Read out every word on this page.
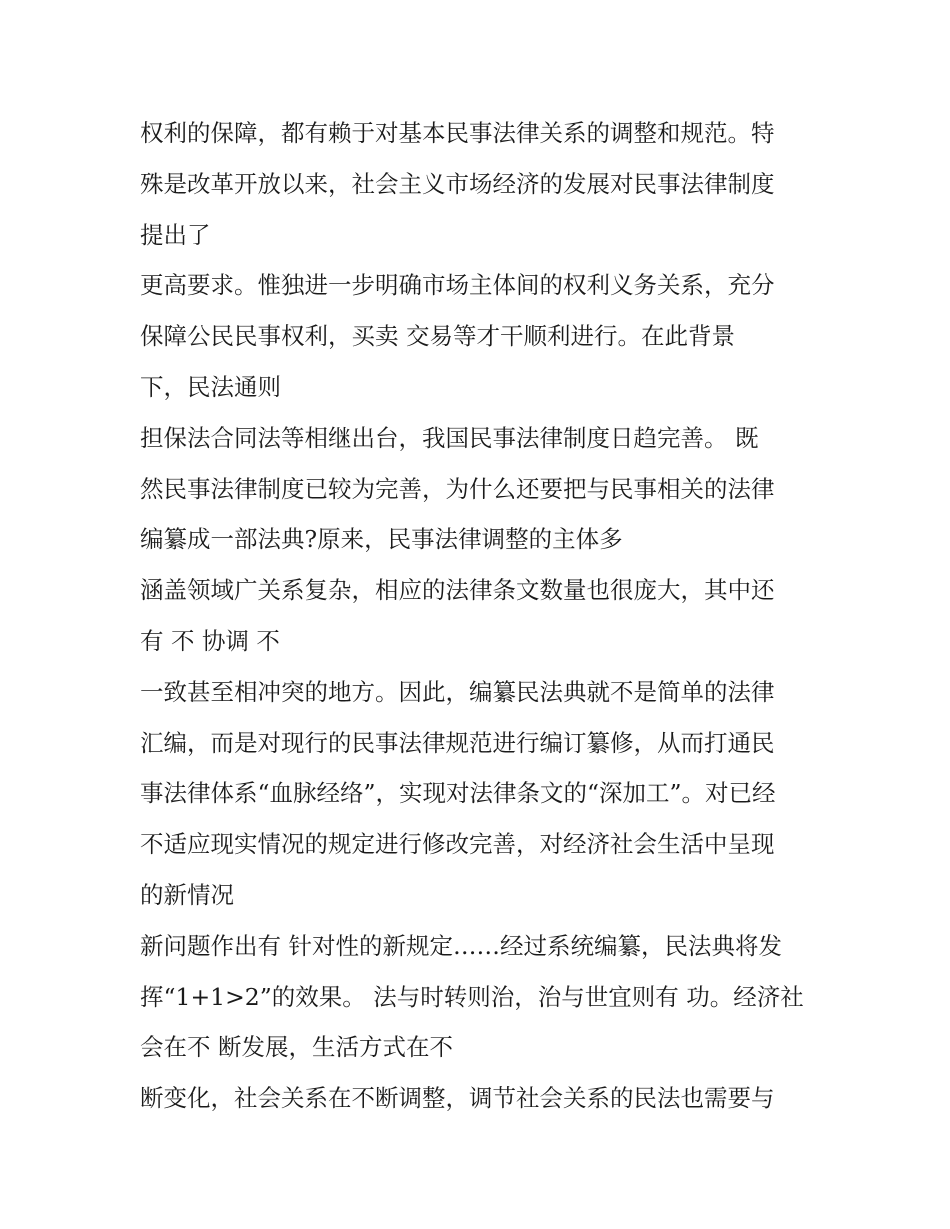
权利的保障，都有赖于对基本民事法律关系的调整和规范。特
殊是改革开放以来，社会主义市场经济的发展对民事法律制度
提出了
更高要求。惟独进一步明确市场主体间的权利义务关系，充分
保障公民民事权利，买卖 交易等才干顺利进行。在此背景
下，民法通则
担保法合同法等相继出台，我国民事法律制度日趋完善。 既
然民事法律制度已较为完善，为什么还要把与民事相关的法律
编纂成一部法典?原来，民事法律调整的主体多
涵盖领域广关系复杂，相应的法律条文数量也很庞大，其中还
有 不 协调 不
一致甚至相冲突的地方。因此，编纂民法典就不是简单的法律
汇编，而是对现行的民事法律规范进行编订纂修，从而打通民
事法律体系“血脉经络”，实现对法律条文的“深加工”。对已经
不适应现实情况的规定进行修改完善，对经济社会生活中呈现
的新情况
新问题作出有 针对性的新规定……经过系统编纂，民法典将发
挥“1+1>2”的效果。 法与时转则治，治与世宜则有 功。经济社
会在不 断发展，生活方式在不
断变化，社会关系在不断调整，调节社会关系的民法也需要与
